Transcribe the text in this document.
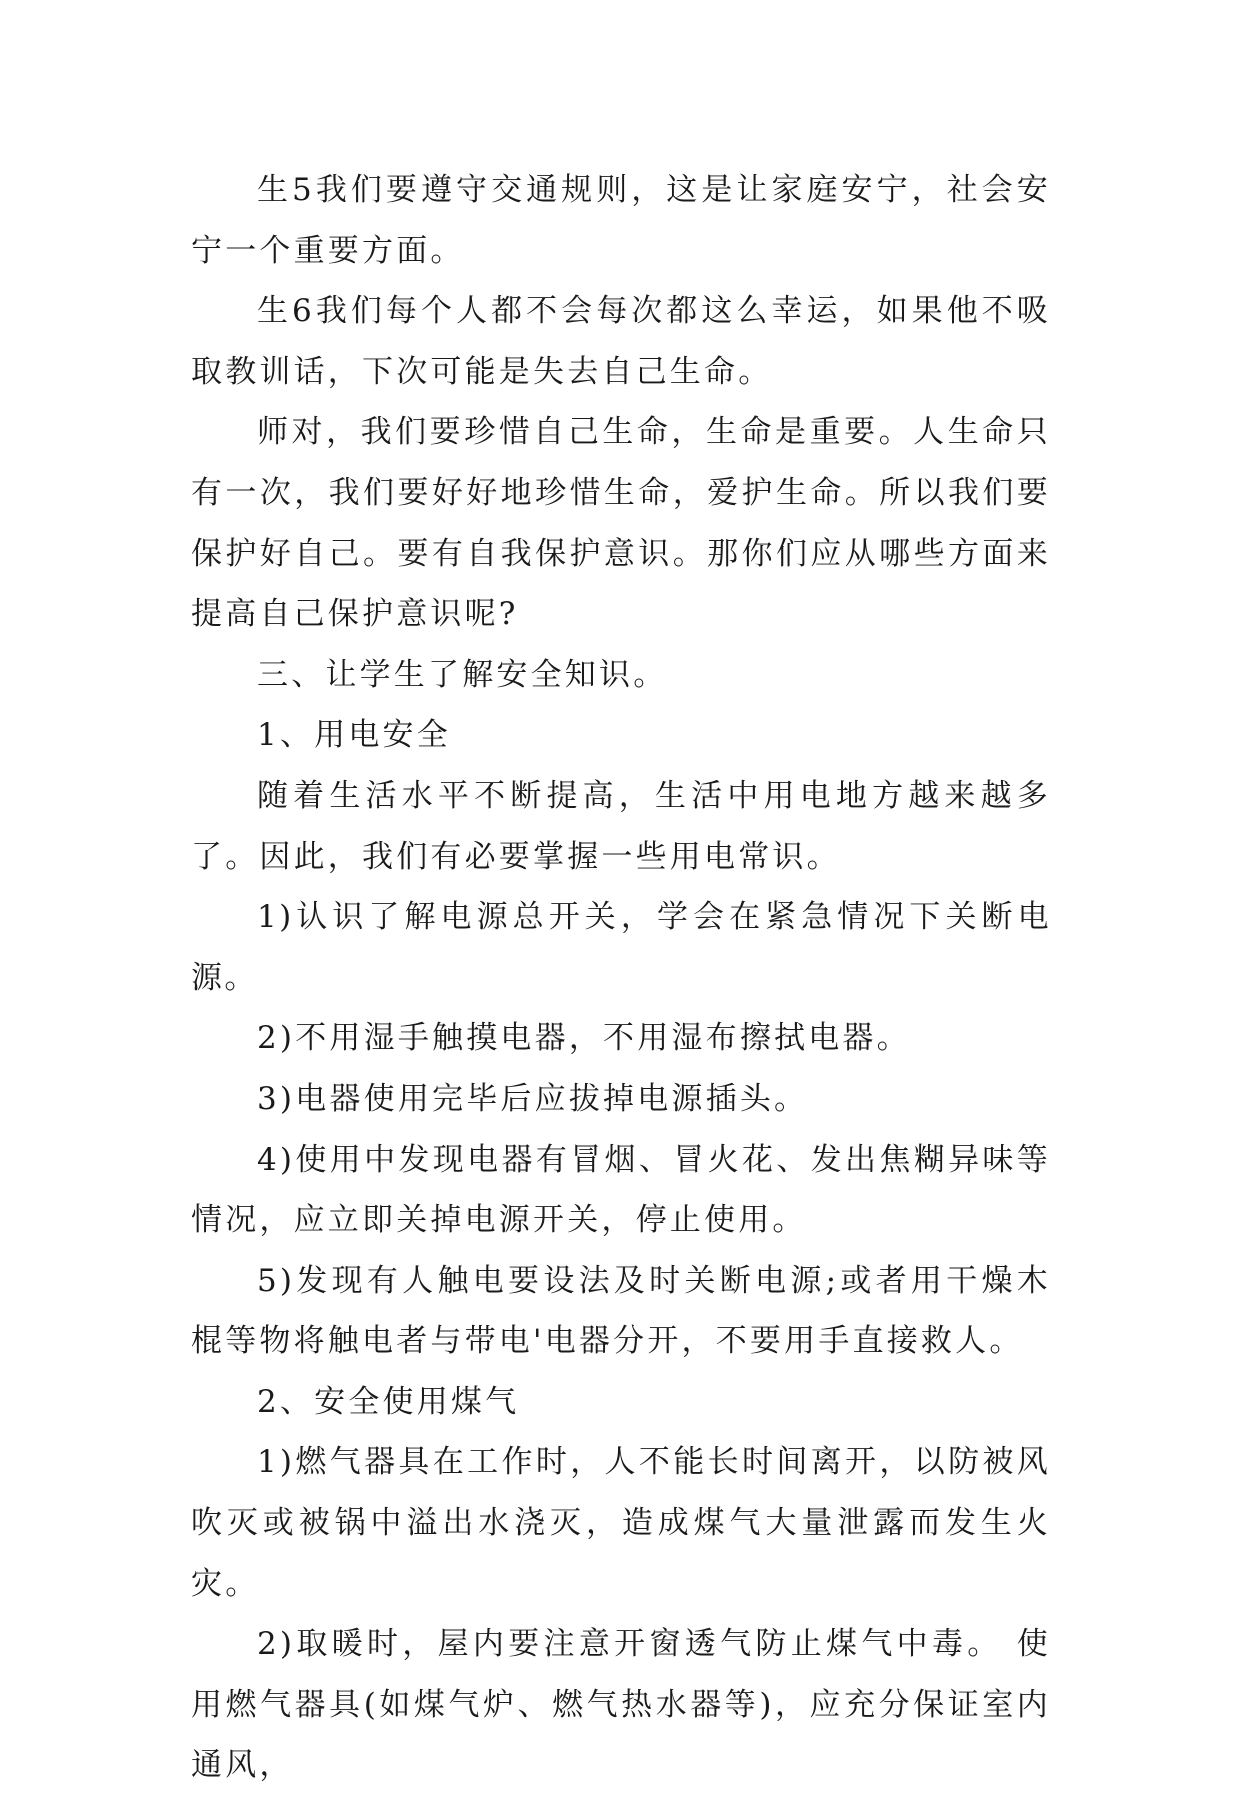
生5我们要遵守交通规则，这是让家庭安宁，社会安宁一个重要方面。

生6我们每个人都不会每次都这么幸运，如果他不吸取教训话，下次可能是失去自己生命。

师对，我们要珍惜自己生命，生命是重要。人生命只有一次，我们要好好地珍惜生命，爱护生命。所以我们要保护好自己。要有自我保护意识。那你们应从哪些方面来提高自己保护意识呢?

三、让学生了解安全知识。

1、用电安全

随着生活水平不断提高，生活中用电地方越来越多了。因此，我们有必要掌握一些用电常识。

1)认识了解电源总开关，学会在紧急情况下关断电源。

2)不用湿手触摸电器，不用湿布擦拭电器。

3)电器使用完毕后应拔掉电源插头。

4)使用中发现电器有冒烟、冒火花、发出焦糊异味等情况，应立即关掉电源开关，停止使用。

5)发现有人触电要设法及时关断电源;或者用干燥木棍等物将触电者与带电'电器分开，不要用手直接救人。

2、安全使用煤气

1)燃气器具在工作时，人不能长时间离开，以防被风吹灭或被锅中溢出水浇灭，造成煤气大量泄露而发生火灾。

2)取暖时，屋内要注意开窗透气防止煤气中毒。 使用燃气器具(如煤气炉、燃气热水器等)，应充分保证室内通风，
